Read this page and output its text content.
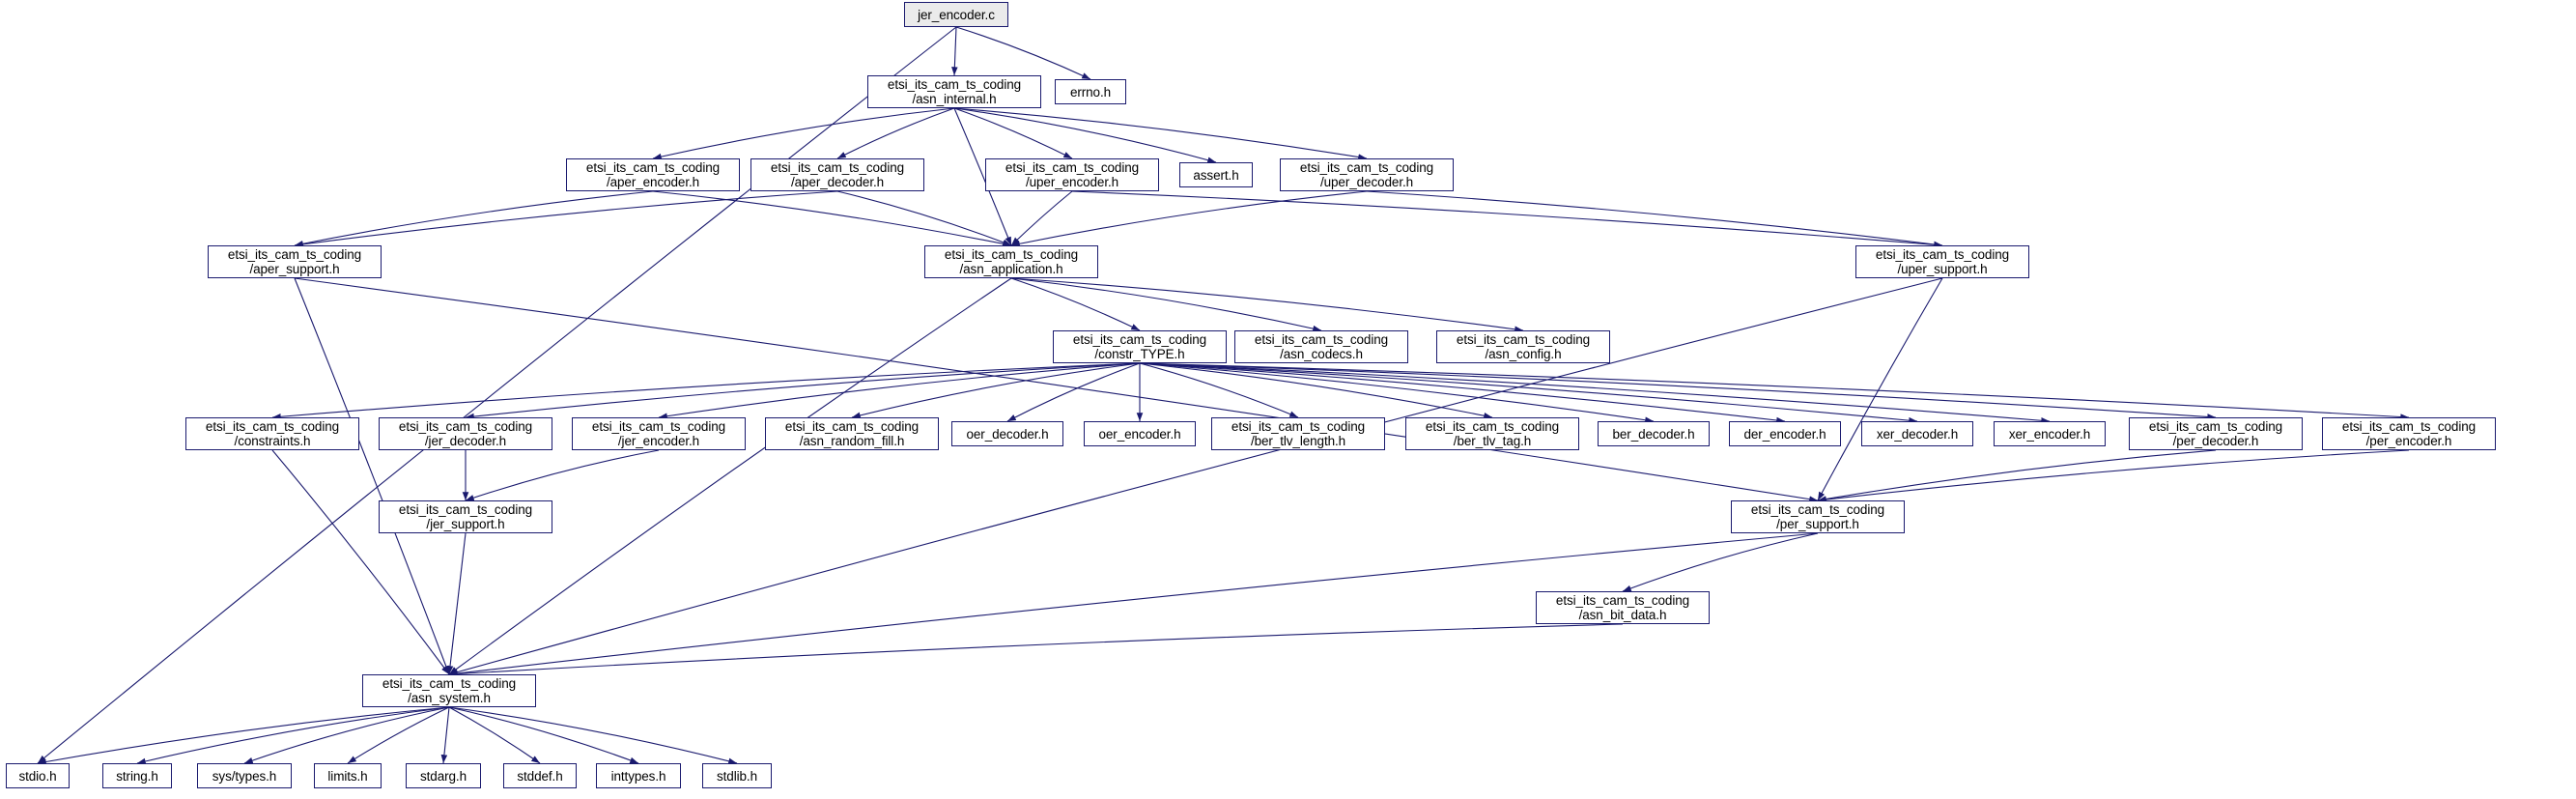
jer_encoder.c
etsi_its_cam_ts_coding
/asn_internal.h	errno.h
etsi_its_cam_ts_coding
/aper_encoder.h
etsi_its_cam_ts_coding
/aper_decoder.h
etsi_its_cam_ts_coding
/uper_encoder.h	assert.h	etsi_its_cam_ts_coding
/uper_decoder.h
etsi_its_cam_ts_coding
/aper_support.h
etsi_its_cam_ts_coding
/asn_application.h
etsi_its_cam_ts_coding
/uper_support.h
etsi_its_cam_ts_coding
/constr_TYPE.h
etsi_its_cam_ts_coding
/asn_codecs.h
etsi_its_cam_ts_coding
/asn_config.h
etsi_its_cam_ts_coding
/constraints.h
etsi_its_cam_ts_coding
/jer_decoder.h
etsi_its_cam_ts_coding
/jer_encoder.h
etsi_its_cam_ts_coding
/asn_random_fill.h	oer_decoder.h	oer_encoder.h	etsi_its_cam_ts_coding
/ber_tlv_length.h
etsi_its_cam_ts_coding
/ber_tlv_tag.h	ber_decoder.h	der_encoder.h	xer_decoder.h	xer_encoder.h	etsi_its_cam_ts_coding
/per_decoder.h
etsi_its_cam_ts_coding
/per_encoder.h
etsi_its_cam_ts_coding
/jer_support.h
etsi_its_cam_ts_coding
/per_support.h
etsi_its_cam_ts_coding
/asn_bit_data.h
etsi_its_cam_ts_coding
/asn_system.h
stdio.h	string.h	sys/types.h	limits.h	stdarg.h	stddef.h	inttypes.h	stdlib.h
